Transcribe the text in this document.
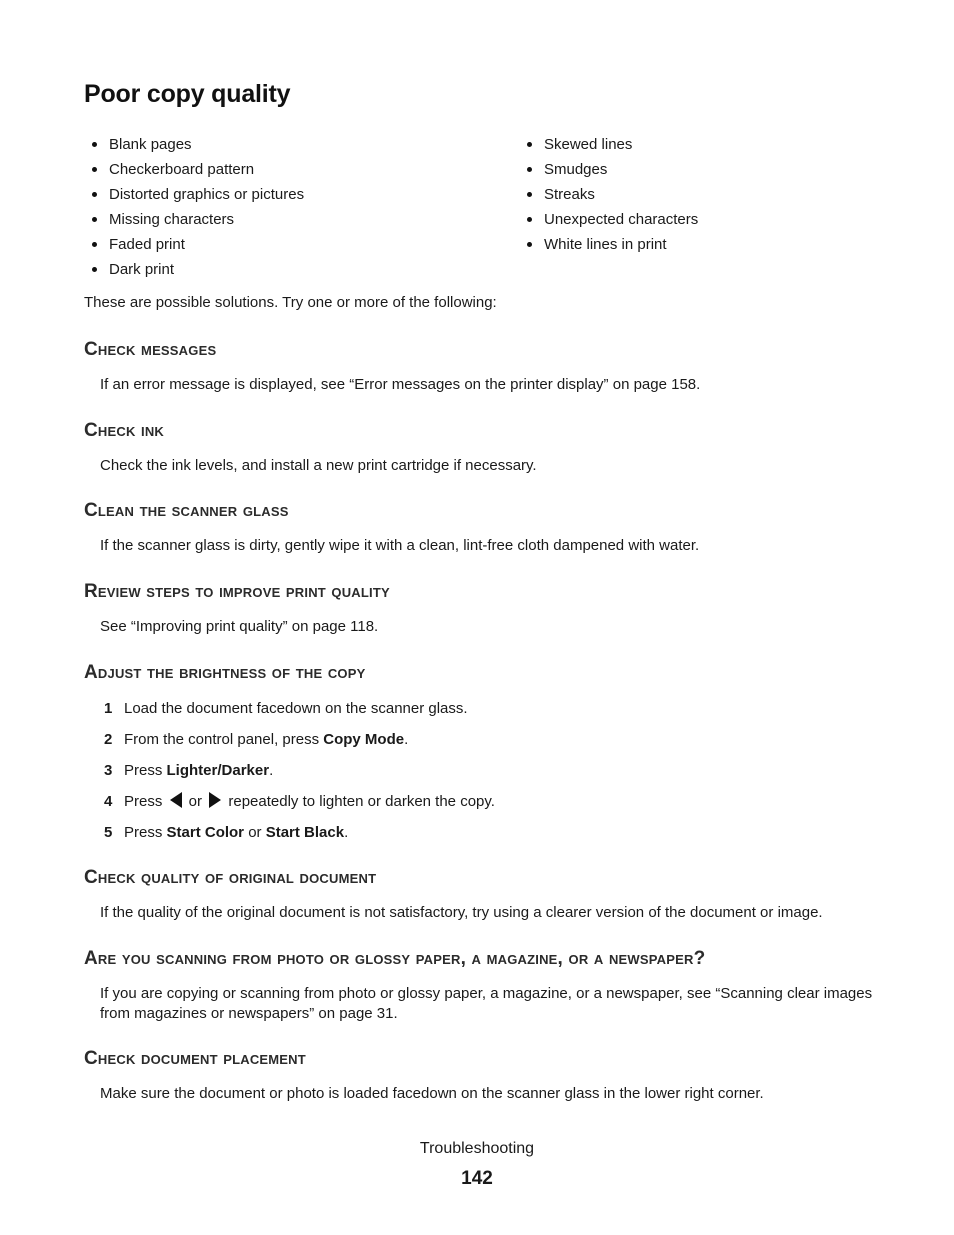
Poor copy quality
Blank pages
Checkerboard pattern
Distorted graphics or pictures
Missing characters
Faded print
Dark print
Skewed lines
Smudges
Streaks
Unexpected characters
White lines in print

These are possible solutions. Try one or more of the following:

Check messages

If an error message is displayed, see “Error messages on the printer display” on page 158.

Check ink

Check the ink levels, and install a new print cartridge if necessary.

Clean the scanner glass

If the scanner glass is dirty, gently wipe it with a clean, lint-free cloth dampened with water.

Review steps to improve print quality

See “Improving print quality” on page 118.

Adjust the brightness of the copy
1 Load the document facedown on the scanner glass.
2 From the control panel, press Copy Mode.
3 Press Lighter/Darker.
4 Press  or  repeatedly to lighten or darken the copy.
5 Press Start Color or Start Black.
Check quality of original document

If the quality of the original document is not satisfactory, try using a clearer version of the document or image.

Are you scanning from photo or glossy paper, a magazine, or a newspaper?

If you are copying or scanning from photo or glossy paper, a magazine, or a newspaper, see “Scanning clear images from magazines or newspapers” on page 31.

Check document placement

Make sure the document or photo is loaded facedown on the scanner glass in the lower right corner.

Troubleshooting

142
